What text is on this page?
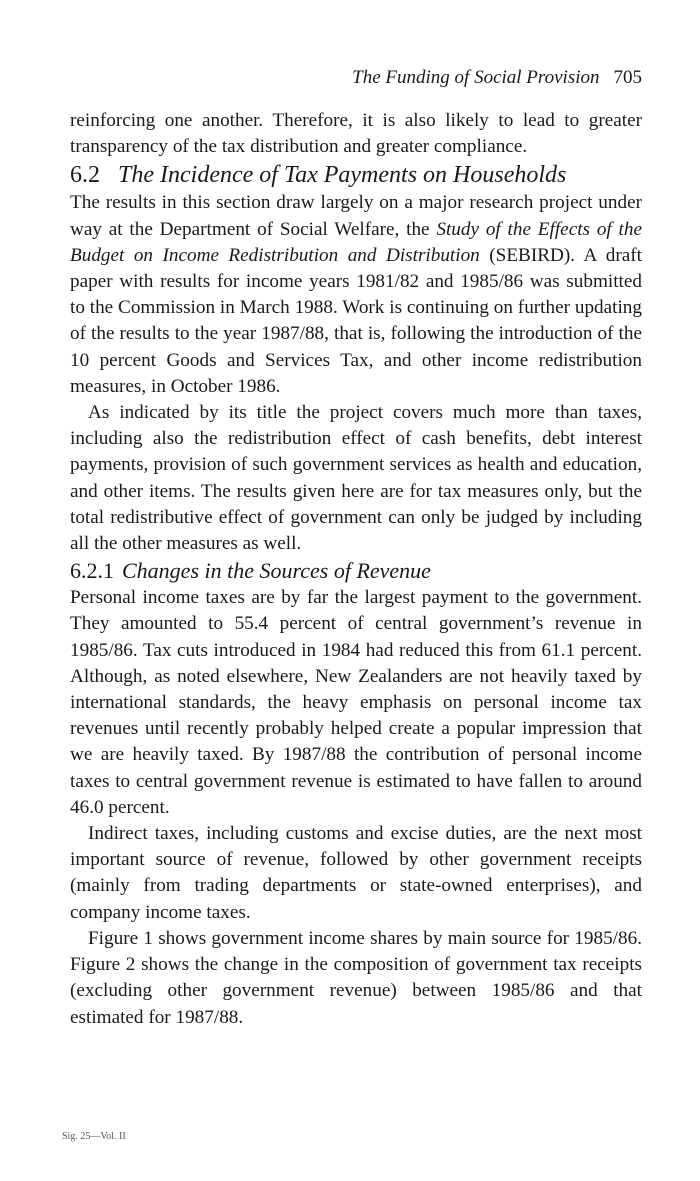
The Funding of Social Provision 705

reinforcing one another. Therefore, it is also likely to lead to greater transparency of the tax distribution and greater compliance.

6.2 The Incidence of Tax Payments on Households

The results in this section draw largely on a major research project under way at the Department of Social Welfare, the Study of the Effects of the Budget on Income Redistribution and Distribution (SEBIRD). A draft paper with results for income years 1981/82 and 1985/86 was submitted to the Commission in March 1988. Work is continuing on further updating of the results to the year 1987/88, that is, following the introduction of the 10 percent Goods and Services Tax, and other income redistribution measures, in October 1986.

As indicated by its title the project covers much more than taxes, including also the redistribution effect of cash benefits, debt interest payments, provision of such government services as health and education, and other items. The results given here are for tax measures only, but the total redistributive effect of government can only be judged by including all the other measures as well.

6.2.1 Changes in the Sources of Revenue

Personal income taxes are by far the largest payment to the government. They amounted to 55.4 percent of central government’s revenue in 1985/86. Tax cuts introduced in 1984 had reduced this from 61.1 percent. Although, as noted elsewhere, New Zealanders are not heavily taxed by international standards, the heavy emphasis on personal income tax revenues until recently probably helped create a popular impression that we are heavily taxed. By 1987/88 the contribution of personal income taxes to central government revenue is estimated to have fallen to around 46.0 percent.

Indirect taxes, including customs and excise duties, are the next most important source of revenue, followed by other government receipts (mainly from trading departments or state-owned enterprises), and company income taxes.

Figure 1 shows government income shares by main source for 1985/86. Figure 2 shows the change in the composition of government tax receipts (excluding other government revenue) between 1985/86 and that estimated for 1987/88.

Sig. 25—Vol. II
